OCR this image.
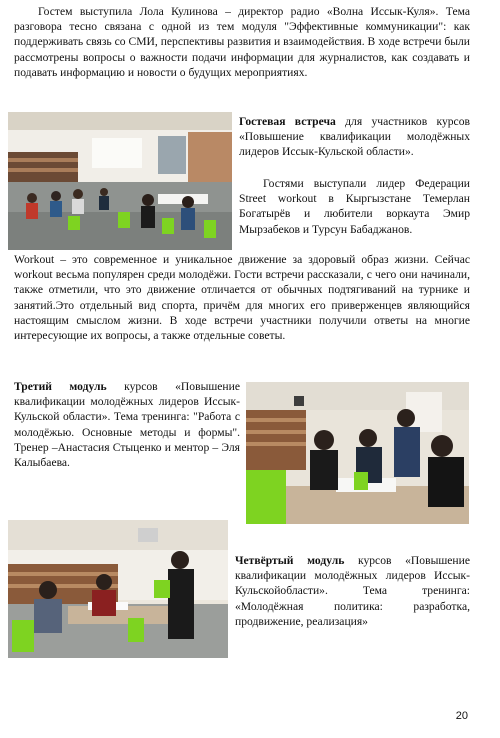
Гостем выступила Лола Кулинова – директор радио «Волна Иссык-Куля». Тема разговора тесно связана с одной из тем модуля "Эффективные коммуникации": как поддерживать связь со СМИ, перспективы развития и взаимодействия. В ходе встречи были рассмотрены вопросы о важности подачи информации для журналистов, как создавать и подавать информацию и новости о будущих мероприятиях.

Гостевая встреча для участников курсов «Повышение квалификации молодёжных лидеров Иссык-Кульской области».

Гостями выступали лидер Федерации Street workout в Кыргызстане Темерлан Богатырёв и любители воркаута Эмир Мырзабеков и Турсун Бабаджанов.

Workout – это современное и уникальное движение за здоровый образ жизни. Сейчас workout весьма популярен среди молодёжи. Гости встречи рассказали, с чего они начинали, также отметили, что это движение отличается от обычных подтягиваний на турнике и занятий.Это отдельный вид спорта, причём для многих его приверженцев являющийся настоящим смыслом жизни. В ходе встречи участники получили ответы на многие интересующие их вопросы, а также отдельные советы.

Третий модуль курсов «Повышение квалификации молодёжных лидеров Иссык-Кульской области». Тема тренинга: "Работа с молодёжью. Основные методы и формы". Тренер –Анастасия Стыценко и ментор – Эля Калыбаева.

Четвёртый модуль курсов «Повышение квалификации молодёжных лидеров Иссык-Кульскойобласти». Тема тренинга: «Молодёжная политика: разработка, продвижение, реализация»

20
